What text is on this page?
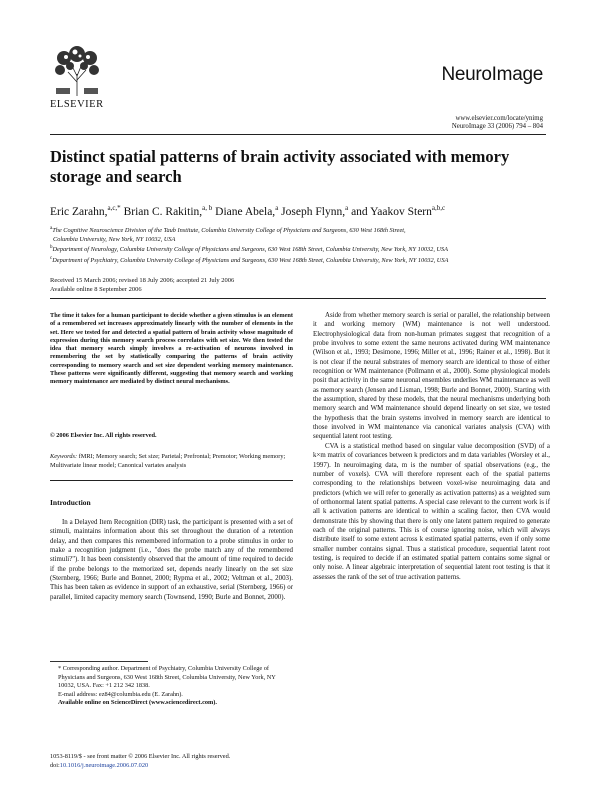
ELSEVIER
NeuroImage
www.elsevier.com/locate/ynimg
NeuroImage 33 (2006) 794 – 804
Distinct spatial patterns of brain activity associated with memory storage and search
Eric Zarahn,$^{a,c,*}$ Brian C. Rakitin,$^{a, b}$ Diane Abela,$^a$ Joseph Flynn,$^a$ and Yaakov Stern$^{a,b,c}$
$^a$The Cognitive Neuroscience Division of the Taub Institute, Columbia University College of Physicians and Surgeons, 630 West 168th Street,
Columbia University, New York, NY 10032, USA
$^b$Department of Neurology, Columbia University College of Physicians and Surgeons, 630 West 168th Street, Columbia University, New York, NY 10032, USA
$^c$Department of Psychiatry, Columbia University College of Physicians and Surgeons, 630 West 168th Street, Columbia University, New York, NY 10032, USA
Received 15 March 2006; revised 18 July 2006; accepted 21 July 2006
Available online 8 September 2006
The time it takes for a human participant to decide whether a given stimulus is an element of a remembered set increases approximately linearly with the number of elements in the set. Here we tested for and detected a spatial pattern of brain activity whose magnitude of expression during this memory search process correlates with set size. We then tested the idea that memory search simply involves a re-activation of neurons involved in remembering the set by statistically comparing the patterns of brain activity corresponding to memory search and set size dependent working memory maintenance. These patterns were significantly different, suggesting that memory search and working memory maintenance are mediated by distinct neural mechanisms.
© 2006 Elsevier Inc. All rights reserved.
Keywords: fMRI; Memory search; Set size; Parietal; Prefrontal; Premotor; Working memory; Multivariate linear model; Canonical variates analysis
Introduction

In a Delayed Item Recognition (DIR) task, the participant is presented with a set of stimuli, maintains information about this set throughout the duration of a retention delay, and then compares this remembered information to a probe stimulus in order to make a recognition judgment (i.e., "does the probe match any of the remembered stimuli?"). It has been consistently observed that the amount of time required to decide if the probe belongs to the memorized set, depends nearly linearly on the set size (Sternberg, 1966; Burle and Bonnet, 2000; Rypma et al., 2002; Veltman et al., 2003). This has been taken as evidence in support of an exhaustive, serial (Sternberg, 1966) or parallel, limited capacity memory search (Townsend, 1990; Burle and Bonnet, 2000).

Aside from whether memory search is serial or parallel, the relationship between it and working memory (WM) maintenance is not well understood. Electrophysiological data from non-human primates suggest that recognition of a probe involves to some extent the same neurons activated during WM maintenance (Wilson et al., 1993; Desimone, 1996; Miller et al., 1996; Rainer et al., 1998). But it is not clear if the neural substrates of memory search are identical to those of either recognition or WM maintenance (Pollmann et al., 2000). Some physiological models posit that activity in the same neuronal ensembles underlies WM maintenance as well as memory search (Jensen and Lisman, 1998; Burle and Bonnet, 2000). Starting with the assumption, shared by these models, that the neural mechanisms underlying both memory search and WM maintenance should depend linearly on set size, we tested the hypothesis that the brain systems involved in memory search are identical to those involved in WM maintenance via canonical variates analysis (CVA) with sequential latent root testing.

CVA is a statistical method based on singular value decomposition (SVD) of a k×m matrix of covariances between k predictors and m data variables (Worsley et al., 1997). In neuroimaging data, m is the number of spatial observations (e.g., the number of voxels). CVA will therefore represent each of the spatial patterns corresponding to the relationships between voxel-wise neuroimaging data and predictors (which we will refer to generally as activation patterns) as a weighted sum of orthonormal latent spatial patterns. A special case relevant to the current work is if all k activation patterns are identical to within a scaling factor, then CVA would demonstrate this by showing that there is only one latent pattern required to generate each of the original patterns. This is of course ignoring noise, which will always distribute itself to some extent across k estimated spatial patterns, even if only some smaller number contains signal. Thus a statistical procedure, sequential latent root testing, is required to decide if an estimated spatial pattern contains some signal or only noise. A linear algebraic interpretation of sequential latent root testing is that it assesses the rank of the set of true activation patterns.

* Corresponding author. Department of Psychiatry, Columbia University College of Physicians and Surgeons, 630 West 168th Street, Columbia University, New York, NY 10032, USA. Fax: +1 212 342 1838.
E-mail address: ez84@columbia.edu (E. Zarahn).
Available online on ScienceDirect (www.sciencedirect.com).
1053-8119/$ - see front matter © 2006 Elsevier Inc. All rights reserved.
doi:10.1016/j.neuroimage.2006.07.020
